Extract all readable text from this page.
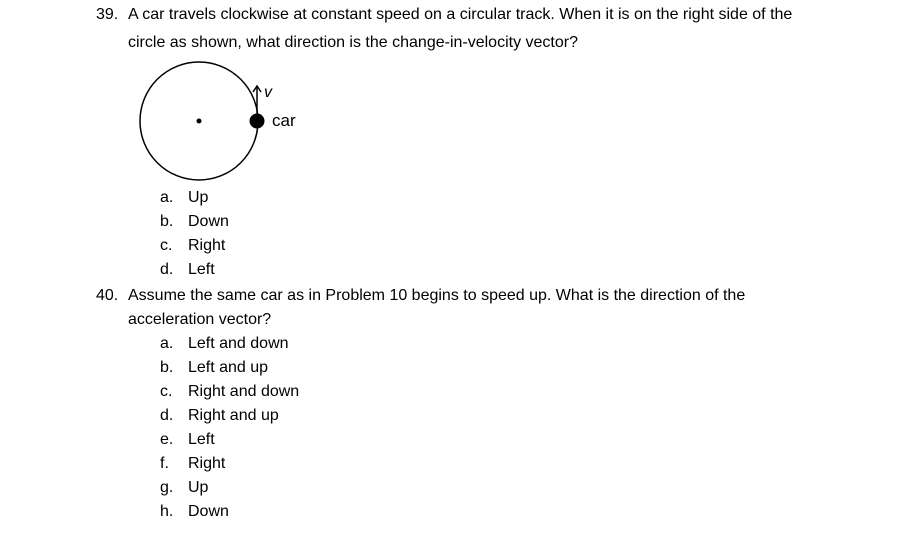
39. A car travels clockwise at constant speed on a circular track. When it is on the right side of the
circle as shown, what direction is the change-in-velocity vector?
v
car
a. Up
b. Down
c. Right
d. Left
40. Assume the same car as in Problem 10 begins to speed up. What is the direction of the
acceleration vector?
a. Left and down
b. Left and up
c. Right and down
d. Right and up
e. Left
f. Right
g. Up
h. Down
